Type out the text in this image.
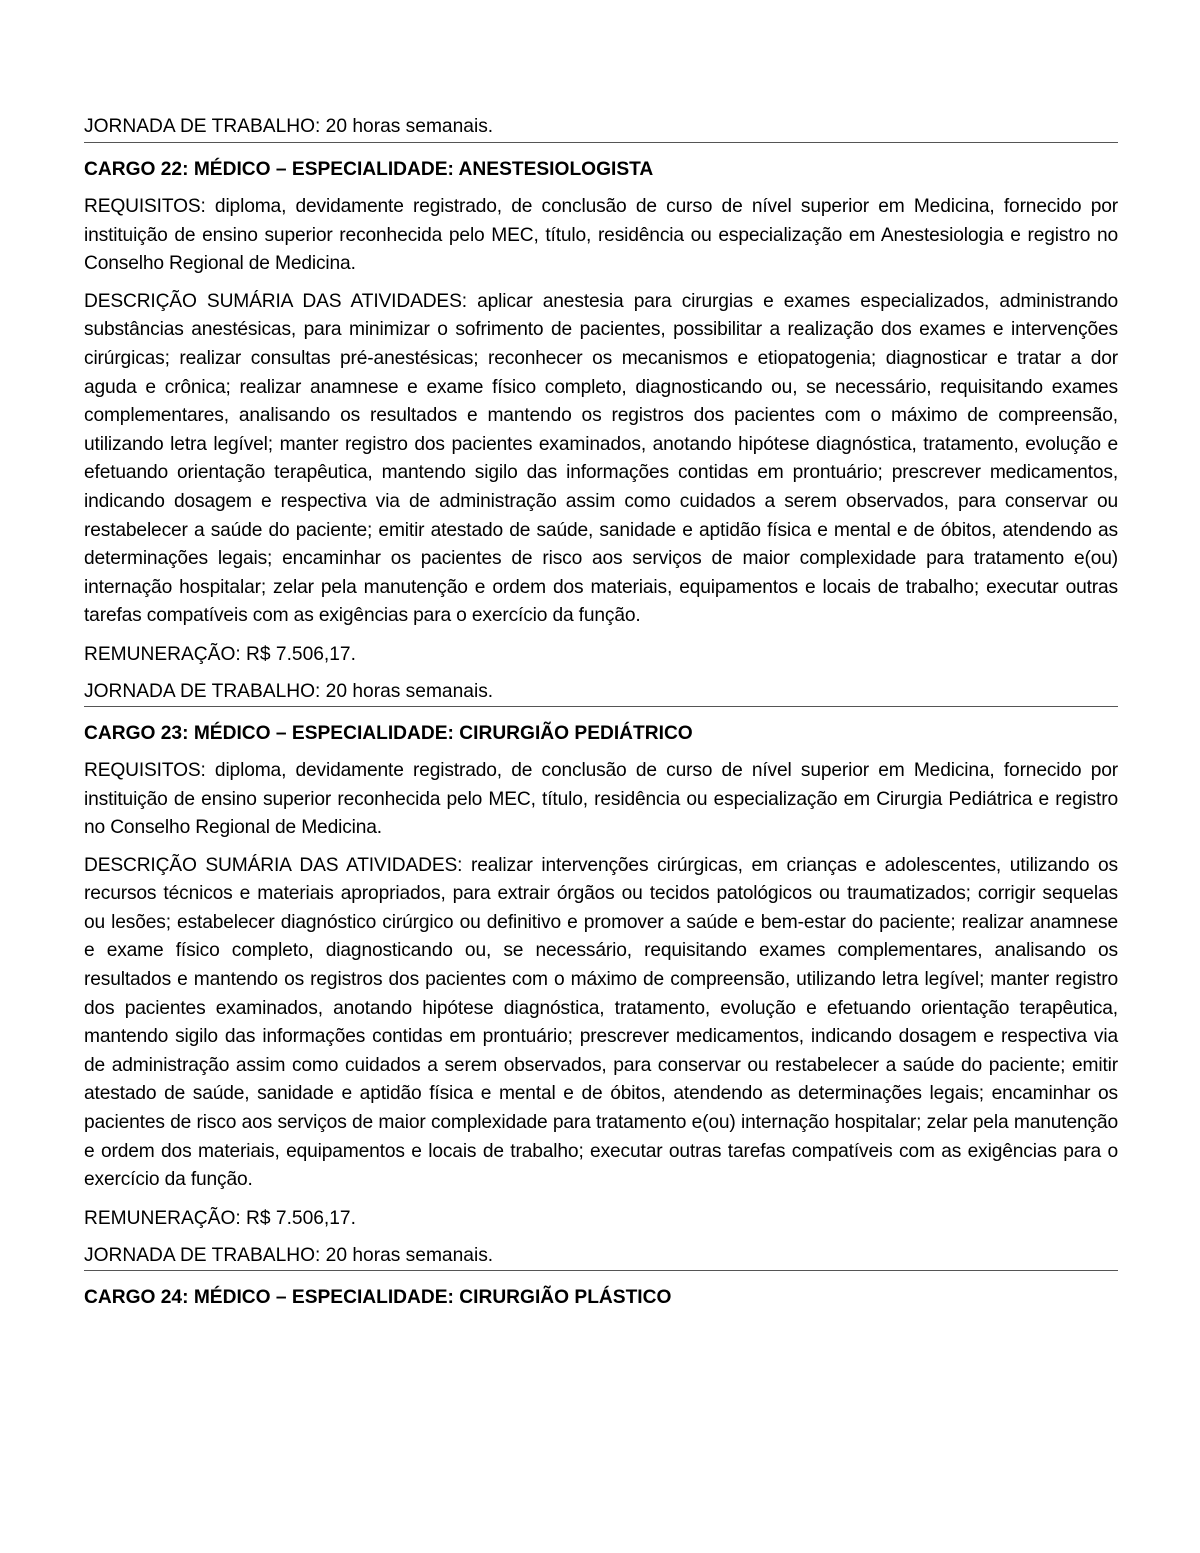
JORNADA DE TRABALHO: 20 horas semanais.

CARGO 22: MÉDICO – ESPECIALIDADE: ANESTESIOLOGISTA

REQUISITOS: diploma, devidamente registrado, de conclusão de curso de nível superior em Medicina, fornecido por instituição de ensino superior reconhecida pelo MEC, título, residência ou especialização em Anestesiologia e registro no Conselho Regional de Medicina.

DESCRIÇÃO SUMÁRIA DAS ATIVIDADES: aplicar anestesia para cirurgias e exames especializados, administrando substâncias anestésicas, para minimizar o sofrimento de pacientes, possibilitar a realização dos exames e intervenções cirúrgicas; realizar consultas pré-anestésicas; reconhecer os mecanismos e etiopatogenia; diagnosticar e tratar a dor aguda e crônica; realizar anamnese e exame físico completo, diagnosticando ou, se necessário, requisitando exames complementares, analisando os resultados e mantendo os registros dos pacientes com o máximo de compreensão, utilizando letra legível; manter registro dos pacientes examinados, anotando hipótese diagnóstica, tratamento, evolução e efetuando orientação terapêutica, mantendo sigilo das informações contidas em prontuário; prescrever medicamentos, indicando dosagem e respectiva via de administração assim como cuidados a serem observados, para conservar ou restabelecer a saúde do paciente; emitir atestado de saúde, sanidade e aptidão física e mental e de óbitos, atendendo as determinações legais; encaminhar os pacientes de risco aos serviços de maior complexidade para tratamento e(ou) internação hospitalar; zelar pela manutenção e ordem dos materiais, equipamentos e locais de trabalho; executar outras tarefas compatíveis com as exigências para o exercício da função.

REMUNERAÇÃO: R$ 7.506,17.

JORNADA DE TRABALHO: 20 horas semanais.

CARGO 23: MÉDICO – ESPECIALIDADE: CIRURGIÃO PEDIÁTRICO

REQUISITOS: diploma, devidamente registrado, de conclusão de curso de nível superior em Medicina, fornecido por instituição de ensino superior reconhecida pelo MEC, título, residência ou especialização em Cirurgia Pediátrica e registro no Conselho Regional de Medicina.

DESCRIÇÃO SUMÁRIA DAS ATIVIDADES: realizar intervenções cirúrgicas, em crianças e adolescentes, utilizando os recursos técnicos e materiais apropriados, para extrair órgãos ou tecidos patológicos ou traumatizados; corrigir sequelas ou lesões; estabelecer diagnóstico cirúrgico ou definitivo e promover a saúde e bem-estar do paciente; realizar anamnese e exame físico completo, diagnosticando ou, se necessário, requisitando exames complementares, analisando os resultados e mantendo os registros dos pacientes com o máximo de compreensão, utilizando letra legível; manter registro dos pacientes examinados, anotando hipótese diagnóstica, tratamento, evolução e efetuando orientação terapêutica, mantendo sigilo das informações contidas em prontuário; prescrever medicamentos, indicando dosagem e respectiva via de administração assim como cuidados a serem observados, para conservar ou restabelecer a saúde do paciente; emitir atestado de saúde, sanidade e aptidão física e mental e de óbitos, atendendo as determinações legais; encaminhar os pacientes de risco aos serviços de maior complexidade para tratamento e(ou) internação hospitalar; zelar pela manutenção e ordem dos materiais, equipamentos e locais de trabalho; executar outras tarefas compatíveis com as exigências para o exercício da função.

REMUNERAÇÃO: R$ 7.506,17.

JORNADA DE TRABALHO: 20 horas semanais.

CARGO 24: MÉDICO – ESPECIALIDADE: CIRURGIÃO PLÁSTICO
